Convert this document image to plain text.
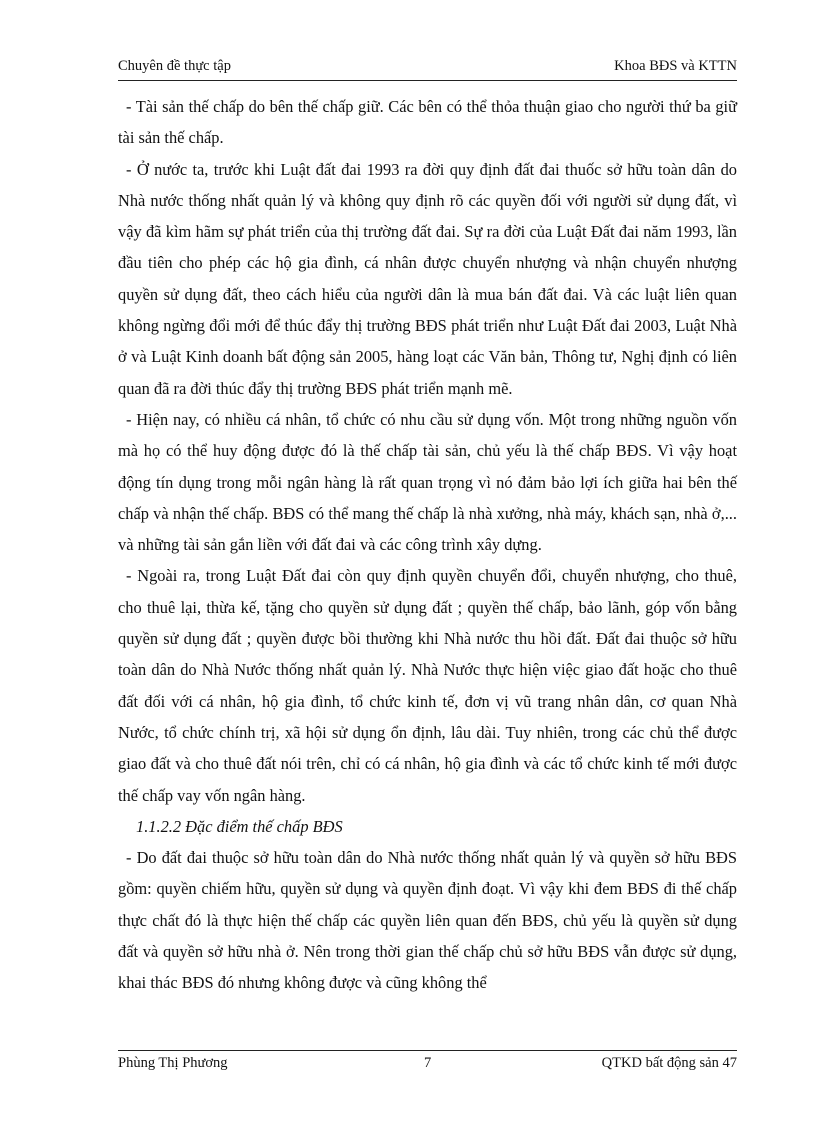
Chuyên đề thực tập	Khoa BĐS và KTTN

- Tài sản thế chấp do bên thế chấp giữ. Các bên có thể thỏa thuận giao cho người thứ ba giữ tài sản thế chấp.

- Ở nước ta, trước khi Luật đất đai 1993 ra đời quy định đất đai thuốc sở hữu toàn dân do Nhà nước thống nhất quản lý và không quy định rõ các quyền đối với người sử dụng đất, vì vậy đã kìm hãm sự phát triển của thị trường đất đai. Sự ra đời của Luật Đất đai năm 1993, lần đầu tiên cho phép các hộ gia đình, cá nhân được chuyển nhượng và nhận chuyển nhượng quyền sử dụng đất, theo cách hiểu của người dân là mua bán đất đai. Và các luật liên quan không ngừng đổi mới để thúc đẩy thị trường BĐS phát triển như Luật Đất đai 2003, Luật Nhà ở và Luật Kinh doanh bất động sản 2005, hàng loạt các Văn bản, Thông tư, Nghị định có liên quan đã ra đời thúc đẩy thị trường BĐS phát triển mạnh mẽ.

- Hiện nay, có nhiều cá nhân, tổ chức có nhu cầu sử dụng vốn. Một trong những nguồn vốn mà họ có thể huy động được đó là thế chấp tài sản, chủ yếu là thế chấp BĐS. Vì vậy hoạt động tín dụng trong mỗi ngân hàng là rất quan trọng vì nó đảm bảo lợi ích giữa hai bên thế chấp và nhận thế chấp. BĐS có thể mang thế chấp là nhà xưởng, nhà máy, khách sạn, nhà ở,... và những tài sản gắn liền với đất đai và các công trình xây dựng.

- Ngoài ra, trong Luật Đất đai còn quy định quyền chuyển đổi, chuyển nhượng, cho thuê, cho thuê lại, thừa kế, tặng cho quyền sử dụng đất ; quyền thế chấp, bảo lãnh, góp vốn bằng quyền sử dụng đất ; quyền được bồi thường khi Nhà nước thu hồi đất. Đất đai thuộc sở hữu toàn dân do Nhà Nước thống nhất quản lý. Nhà Nước thực hiện việc giao đất hoặc cho thuê đất đối với cá nhân, hộ gia đình, tổ chức kinh tế, đơn vị vũ trang nhân dân, cơ quan Nhà Nước, tổ chức chính trị, xã hội sử dụng ổn định, lâu dài. Tuy nhiên, trong các chủ thể được giao đất và cho thuê đất nói trên, chỉ có cá nhân, hộ gia đình và các tổ chức kinh tế mới được thế chấp vay vốn ngân hàng.

1.1.2.2 Đặc điểm thế chấp BĐS

- Do đất đai thuộc sở hữu toàn dân do Nhà nước thống nhất quản lý và quyền sở hữu BĐS gồm: quyền chiếm hữu, quyền sử dụng và quyền định đoạt. Vì vậy khi đem BĐS đi thế chấp thực chất đó là thực hiện thế chấp các quyền liên quan đến BĐS, chủ yếu là quyền sử dụng đất và quyền sở hữu nhà ở. Nên trong thời gian thế chấp chủ sở hữu BĐS vẫn được sử dụng, khai thác BĐS đó nhưng không được và cũng không thể

Phùng Thị Phương	7	QTKD bất động sản 47
